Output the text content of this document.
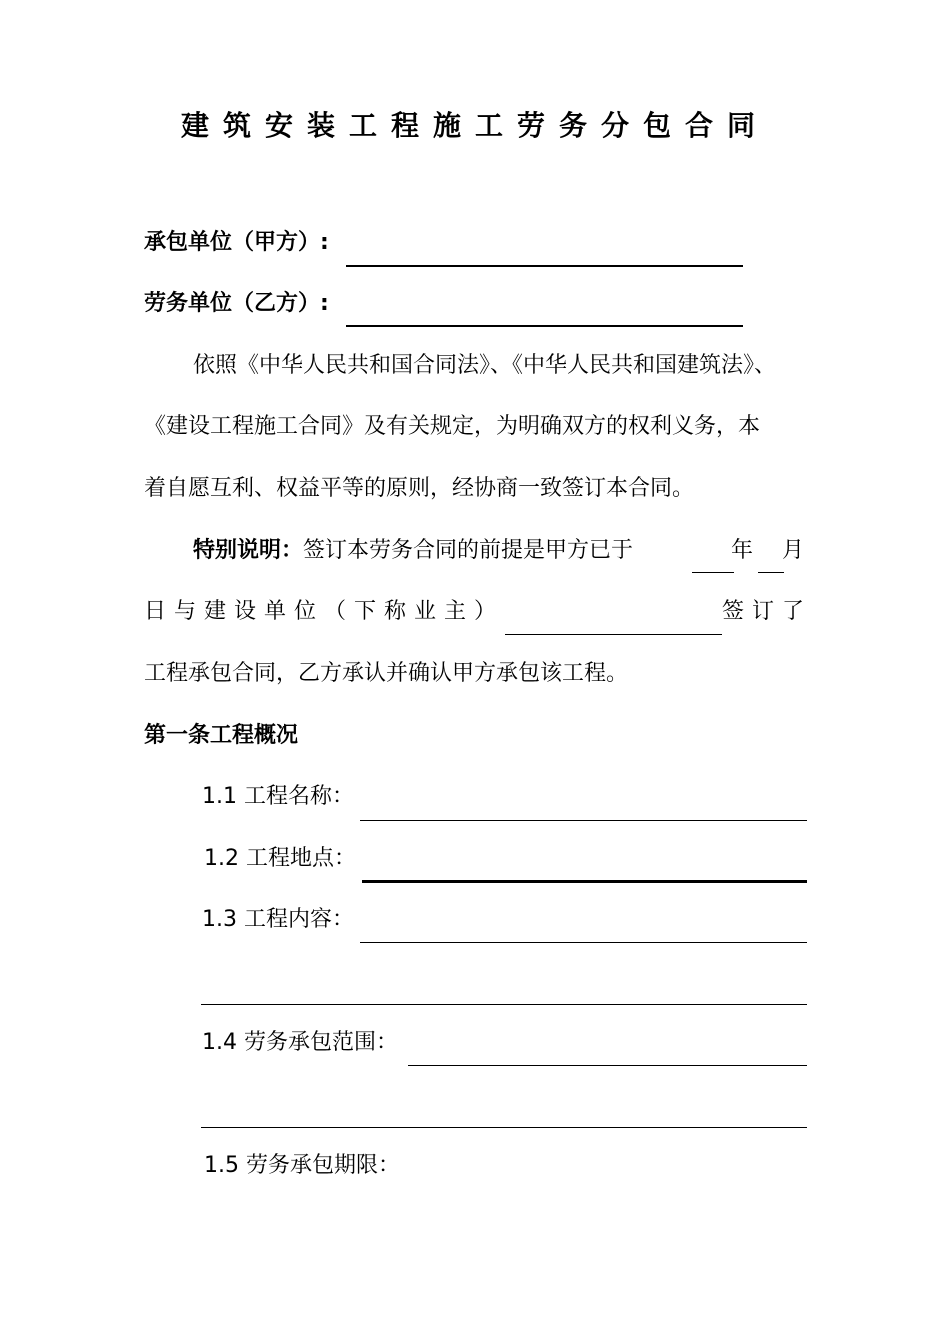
建筑安装工程施工劳务分包合同
承包单位（甲方）:
劳务单位（乙方）:
依照《中华人民共和国合同法》、《中华人民共和国建筑法》、
《建设工程施工合同》及有关规定，为明确双方的权利义务，本
着自愿互利、权益平等的原则，经协商一致签订本合同。
特别说明：签订本劳务合同的前提是甲方已于	年 月
日与建设单位（下称业主）	签订了
工程承包合同，乙方承认并确认甲方承包该工程。
第一条工程概况
1.1 工程名称：
1.2 工程地点：
1.3 工程内容：
1.4 劳务承包范围：
1.5 劳务承包期限：
